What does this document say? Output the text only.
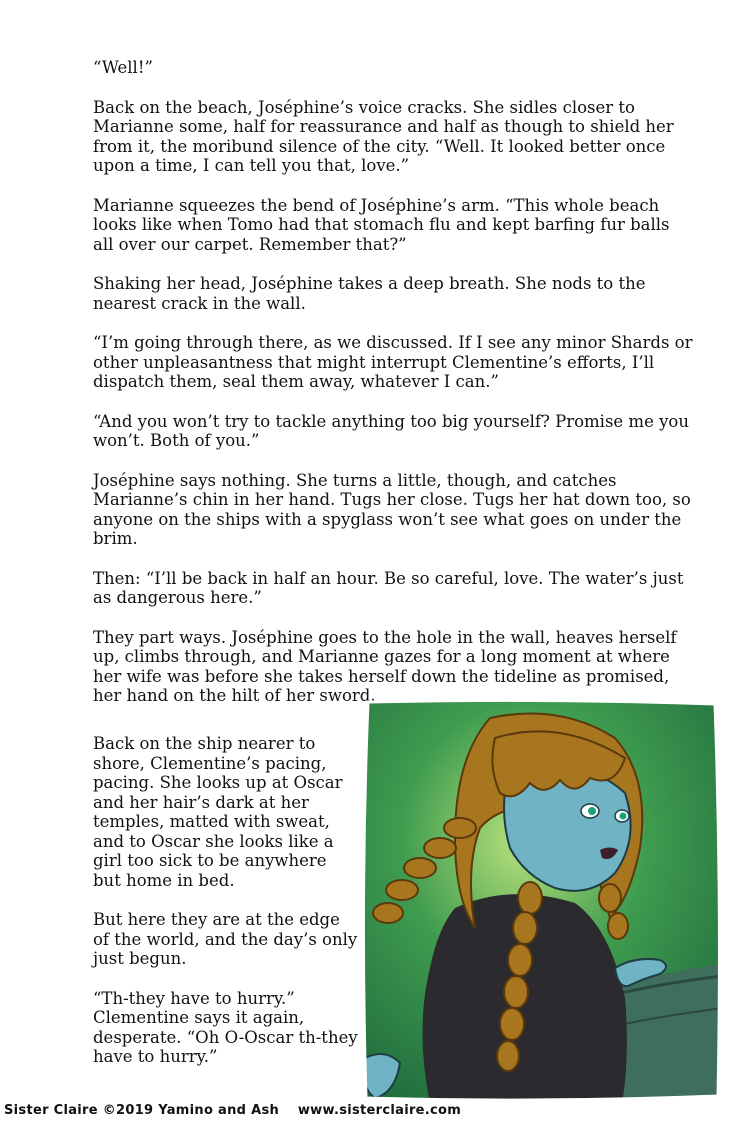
“Well!”

Back on the beach, Joséphine’s voice cracks. She sidles closer to Marianne some, half for reassurance and half as though to shield her from it, the moribund silence of the city. “Well. It looked better once upon a time, I can tell you that, love.”

Marianne squeezes the bend of Joséphine’s arm. “This whole beach looks like when Tomo had that stomach flu and kept barfing fur balls all over our carpet. Remember that?”

Shaking her head, Joséphine takes a deep breath. She nods to the nearest crack in the wall.

“I’m going through there, as we discussed. If I see any minor Shards or other unpleasantness that might interrupt Clementine’s efforts, I’ll dispatch them, seal them away, whatever I can.”

“And you won’t try to tackle anything too big yourself? Promise me you won’t. Both of you.”

Joséphine says nothing. She turns a little, though, and catches Marianne’s chin in her hand. Tugs her close. Tugs her hat down too, so anyone on the ships with a spyglass won’t see what goes on under the brim.

Then: “I’ll be back in half an hour. Be so careful, love. The water’s just as dangerous here.”

They part ways. Joséphine goes to the hole in the wall, heaves herself up, climbs through, and Marianne gazes for a long moment at where her wife was before she takes herself down the tideline as promised, her hand on the hilt of her sword.

Back on the ship nearer to shore, Clementine’s pacing, pacing. She looks up at Oscar and her hair’s dark at her temples, matted with sweat, and to Oscar she looks like a girl too sick to be anywhere but home in bed.

But here they are at the edge of the world, and the day’s only just begun.

“Th-they have to hurry.” Clementine says it again, desperate. “Oh O-Oscar th-they have to hurry.”

Sister Claire ©2019 Yamino and Ash www.sisterclaire.com
